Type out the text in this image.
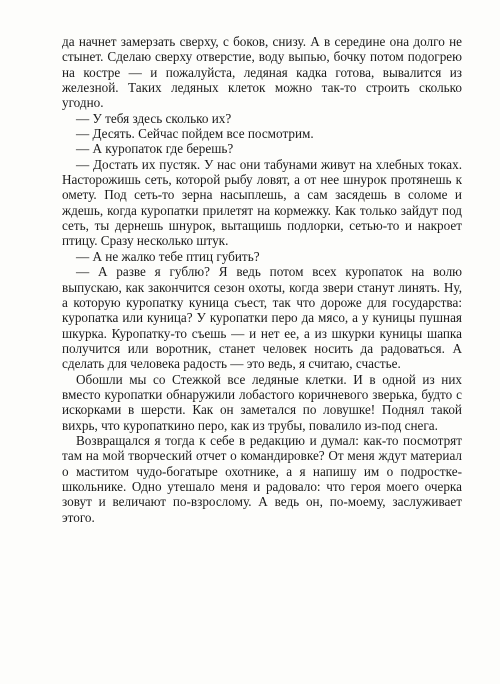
да начнет замерзать сверху, с боков, снизу. А в середине она долго не стынет. Сделаю сверху отверстие, воду выпью, бочку потом подогрею на костре — и пожалуйста, ледяная кадка готова, вывалится из железной. Таких ледяных клеток можно так-то строить сколько угодно.

— У тебя здесь сколько их?

— Десять. Сейчас пойдем все посмотрим.

— А куропаток где берешь?

— Достать их пустяк. У нас они табунами живут на хлебных токах. Насторожишь сеть, которой рыбу ловят, а от нее шнурок протянешь к омету. Под сеть-то зерна насыплешь, а сам засядешь в соломе и ждешь, когда куропатки прилетят на кормежку. Как только зайдут под сеть, ты дернешь шнурок, вытащишь подлорки, сетью-то и накроет птицу. Сразу несколько штук.

— А не жалко тебе птиц губить?

— А разве я гублю? Я ведь потом всех куропаток на волю выпускаю, как закончится сезон охоты, когда звери станут линять. Ну, а которую куропатку куница съест, так что дороже для государства: куропатка или куница? У куропатки перо да мясо, а у куницы пушная шкурка. Куропатку-то съешь — и нет ее, а из шкурки куницы шапка получится или воротник, станет человек носить да радоваться. А сделать для человека радость — это ведь, я считаю, счастье.

Обошли мы со Стежкой все ледяные клетки. И в одной из них вместо куропатки обнаружили лобастого коричневого зверька, будто с искорками в шерсти. Как он заметался по ловушке! Поднял такой вихрь, что куропаткино перо, как из трубы, повалило из-под снега.

Возвращался я тогда к себе в редакцию и думал: как-то посмотрят там на мой творческий отчет о командировке? От меня ждут материал о маститом чудо-богатыре охотнике, а я напишу им о подростке-школьнике. Одно утешало меня и радовало: что героя моего очерка зовут и величают по-взрослому. А ведь он, по-моему, заслуживает этого.
